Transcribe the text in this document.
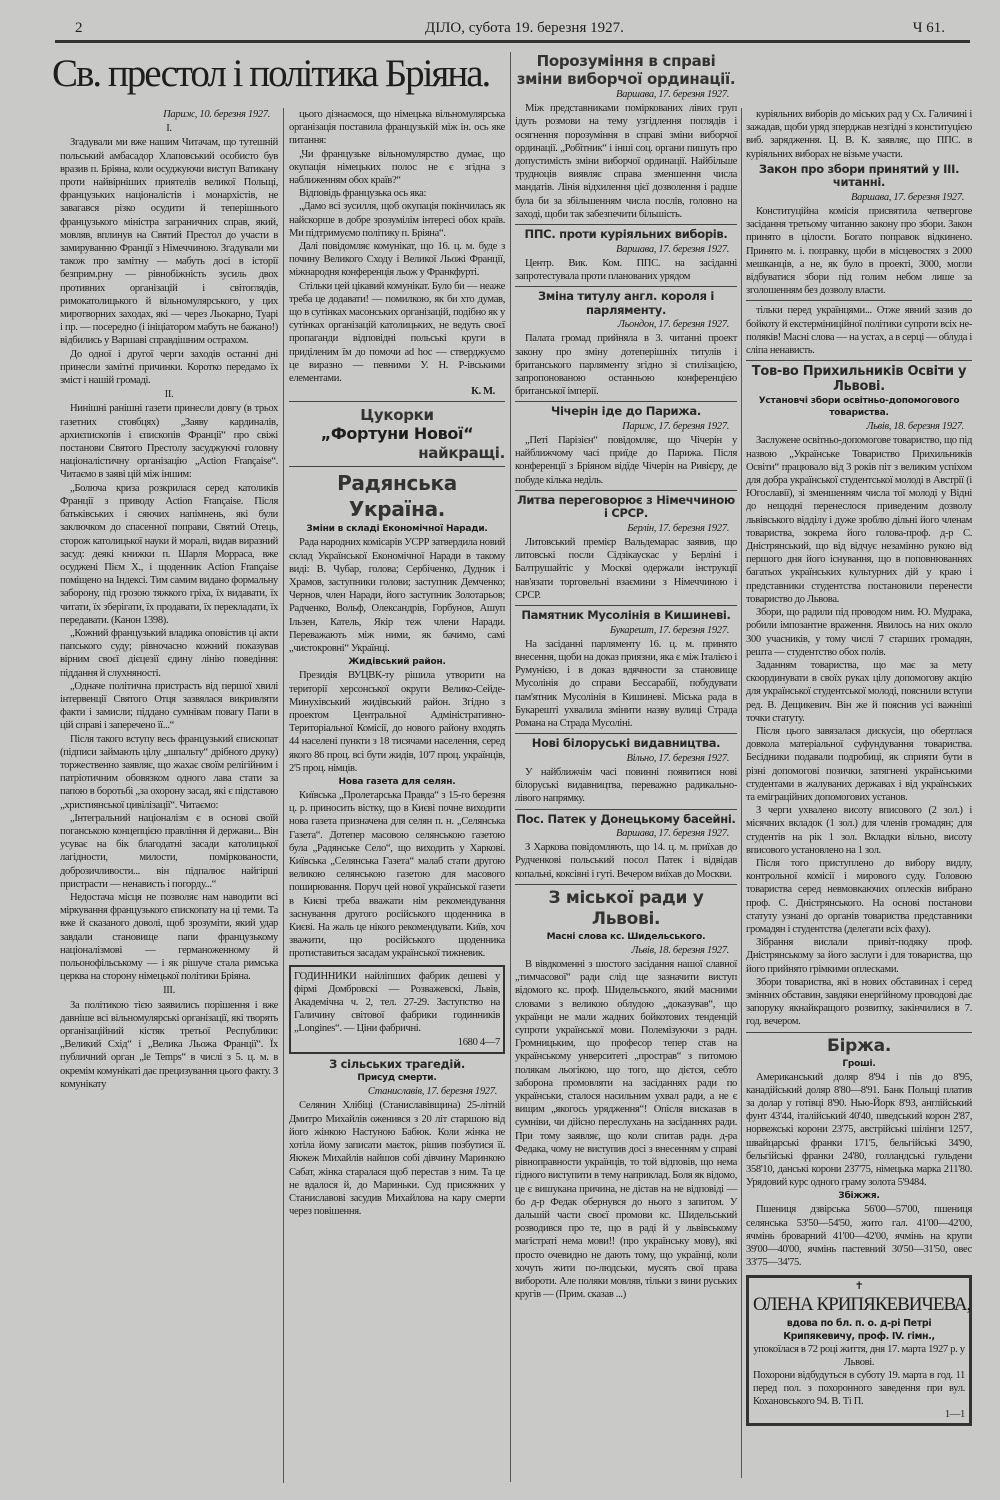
2	ДІЛО, субота 19. березня 1927.	Ч 61.
Св. престол і політика Бріяна.
Париж, 10. березня 1927.
I.

Згадували ми вже нашим Читачам, що тутешній польський амбасадор Хлаповський особисто був вразив п. Бріяна, коли осуджуючи виступ Ватикану проти найвірніших приятелів великої Польщі, французьких націоналістів і монархістів, не завагався різко осудити й теперішнього французького міністра заграничних справ, який, мовляв, вплинув на Святий Престол до участи в замируванню Франції з Німеччиною. Згадували ми також про замітну — мабуть досі в історії безприм.рну — рівнобіжність зусиль двох противних організацій і світоглядів, римокатолицького й вільномулярського, у цих миротворних заходах, які — через Льокарно, Туарі і пр. — посередно (і ініціатором мабуть не бажано!) відбились у Варшаві справдішним острахом.

До одної і другої черги заходів останні дні принесли замітні причинки. Коротко передамо їх зміст і нашій громаді.

II.

Нинішні ранішні газети принесли довгу (в трьох газетних стовбцях) „Заяву кардиналів, архиєпископів і єпископів Франції“ про свіжі постанови Святого Престолу засуджуючі головну націоналістичну організацію „Action Française“. Читаємо в заяві цій між іншим:

„Болюча криза розкрилася серед католиків Франції з приводу Action Française. Після батьківських і сяючих напімнень, які були заключком до спасенної поправи, Святий Отець, сторож католицької науки й моралі, видав виразний засуд: деякі книжки п. Шарля Морраса, вже осуджені Пієм X., і щоденник Action Française поміщено на Індексі. Тим самим видано формальну заборону, під грозою тяжкого гріха, їх видавати, їх читати, їх зберігати, їх продавати, їх перекладати, їх передавати. (Канон 1398).

„Кожний французький владика оповістив ці акти папського суду; рівночасно кожний показував вірним своєї дієцезії єдину лінію поведіння: піддання й слухняності.

„Одначе політична пристрасть від першої хвилі інтервенції Святого Отця зазвялася викривляти факти і замисли; піддано сумнівам повагу Папи в цій справі і заперечено її...“

Після такого вступу весь французький єпископат (підписи займають цілу „шпальту“ дрібного друку) торжественно заявляє, що жахає своїм релігійним і патріотичним обовязком одного лава стати за папою в боротьбі „за охорону засад, які є підставою „християнської цивілізації“. Читаємо:

„Інтегральний націоналізм є в основі своїй поганською концепцією правління й держави... Він усуває на бік благодатні засади католицької лагідности, милости, поміркованости, доброзичливости... він підпалює найгірші пристрасти — ненависть і погорду...“

Недостача місця не позволяє нам наводити всі міркування французького єпископату на ці теми. Та вже й сказаного доволі, щоб зрозуміти, який удар завдали становище папи французькому націоналізмові — германоженному й польонофільському — і як рішуче стала римська церква на сторону німецької політики Бріяна.

III.

За політикою тією заявились порішення і вже давніше всі вільномулярські організації, які творять організаційний кістяк третьої Республики: „Великий Схід“ і „Велика Льожа Франції“. Їх публичний орган „le Temps“ в числі з 5. ц. м. в окремім комунікаті дає прецизування цього факту. З комунікату

цього дізнаємося, що німецька вільномулярська організація поставила французькій між ін. ось яке питання:

„Чи французьке вільномулярство думає, що окупація німецьких полос не є згідна з наближенням обох країв?“

Відповідь французька ось яка:

„Дамо всі зусилля, щоб окупація покінчилась як найскорше в добре зрозумілім інтересі обох країв. Ми підтримуємо політику п. Бріяна“.

Далі повідомляє комунікат, що 16. ц. м. буде з почину Великого Сходу і Великої Льожі Франції, міжнародня конференція льож у Франкфурті.

Стільки цей цікавий комунікат. Було би — неаже треба це додавати! — помилкою, як би хто думав, що в сутінках масонських організацій, подібно як у сутінках організацій католицьких, не ведуть своєї пропаганди відповідні польські круги в приділеним їм до помочи ad hoc — стверджуємо це виразно — певними У. Н. Р-івськими елементами.

К. М.
Цукорки
„Фортуни Нової“
найкращі.
Радянська Україна.
Зміни в складі Економічної Наради.

Рада народних комісарів УСРР затвердила новий склад Української Економічної Наради в такому виді: В. Чубар, голова; Сербіченко, Дудник і Храмов, заступники голови; заступник Демченко; Чернов, член Наради, його заступник Золотарьов; Радченко, Вольф, Олександрів, Горбунов, Ашуп Ільзен, Катель, Якір теж члени Наради. Переважають між ними, як бачимо, самі „чистокровні“ Українці.

Жидівський район.

Президія ВУЦВК-ту рішила утворити на території херсонської округи Велико-Сейде-Минухівський жидівський район. Згідно з проектом Центральної Адміністративно-Територіальної Комісії, до нового району входять 44 населені пункти з 18 тисячами населення, серед якого 86 проц. всі бути жидів, 10'7 проц. українців, 2'5 проц. німців.

Нова газета для селян.

Київська „Пролетарська Правда“ з 15-го березня ц. р. приносить вістку, що в Києві почне виходити нова газета призначена для селян п. н. „Селянська Газета“. Дотепер масовою селянською газетою була „Радянське Село“, що виходить у Харкові. Київська „Селянська Газета“ малаб стати другою великою селянською газетою для масового поширювання. Поруч цей нової української газети в Києві треба вважати нім рекомендування заснування другого російського щоденника в Києві. На жаль це нікого рекомендувати. Київ, хоч зважити, що російського щоденника протиставиться засадам української тижневик.

ГОДИННИКИ найліпших фабрик дешеві у фірмі Домбровскі — Розважевскі, Львів, Академічна ч. 2, тел. 27-29. Заступство на Галичину світової фабрики годинників „Longines“. — Ціни фабричні.
1680 4—7
З сільських трагедій.
Присуд смерти.
Станиславів, 17. березня 1927.

Селянин Хлібіці (Станиславівщина) 25-літній Дмитро Михайлів оженився з 20 літ старшою від його жінкою Настуною Бабюк. Коли жінка не хотіла йому записати маєток, рішив позбутися її. Якжеж Михайлів найшов собі дівчину Маринкою Сабат, жінка старалася щоб перестав з ним. Та це не вдалося й, до Мариньки. Суд присяжних у Станиславові засудив Михайлова на кару смерти через повішення.

Порозуміння в справі зміни виборчої ординації.
Варшава, 17. березня 1927.

Між представниками поміркованих лівих груп ідуть розмови на тему узгідлення поглядів і осягнення порозуміння в справі зміни виборчої ординації. „Робітник“ і інші соц. органи пишуть про допустимість зміни виборчої ординації. Найбільше трудноців виявляє справа зменшення числа мандатів. Лінія відхилення цієї дозволення і радше була би за збільшенням числа послів, головно на заході, щоби так забезпечити більшість.

ППС. проти куріяльних виборів.
Варшава, 17. березня 1927.

Центр. Вик. Ком. ППС. на засіданні запротестувала проти планованих урядом

Зміна титулу англ. короля і парляменту.
Льондон, 17. березня 1927.

Палата громад прийняла в 3. читанні проект закону про зміну дотеперішніх титулів і британського парляменту згідно зі стилізацією, запропонованою останньою конференцією британської імперії.

Чічерін іде до Парижа.
Париж, 17. березня 1927.

„Петі Парізієн“ повідомляє, що Чічерін у найближчому часі приїде до Парижа. Після конференції з Бріяном відїде Чічерін на Ривієру, де побуде кілька неділь.

Литва переговорює з Німеччиною і СРСР.
Берлін, 17. березня 1927.

Литовський премієр Вальдемарас заявив, що литовські посли Сідзікаускас у Берліні і Балтрушайтіс у Москві одержали інструкції нав'язати торговельні взаємини з Німеччиною і СРСР.

Памятник Мусолінія в Кишиневі.
Букарешт, 17. березня 1927.

На засіданні парляменту 16. ц. м. принято внесення, щоби на доказ приязни, яка є між Італією і Румунією, і в доказ вдячности за становище Мусолінія до справи Бессарабії, побудувати пам'ятник Мусолінія в Кишиневі. Міська рада в Букарешті ухвалила змінити назву вулиці Страда Романа на Страда Мусоліні.

Нові білоруські видавництва.
Вільно, 17. березня 1927.

У найближчім часі повинні появитися нові білоруські видавництва, переважно радикально-лівого напрямку.

Пос. Патек у Донецькому басейні.
Варшава, 17. березня 1927.

З Харкова повідомляють, що 14. ц. м. приїхав до Рудченкові польський посол Патек і відвідав копальні, коксівні і гуті. Вечером виїхав до Москви.

З міської ради у Львові.
Масні слова кс. Шидельського.
Львів, 18. березня 1927.

В вівдкоменні з шостого засідання нашої славної „тимчасової“ ради слід ще зазначити виступ відомого кс. проф. Шидельського, який масними словами з великою облудою „доказував“, що українци не мали жадних бойкотових тенденцій супроти української мови. Полемізуючи з радн. Громницьким, що професор тепер став на українському унверситеті „прострав“ з питомою полякам льогікою, що того, що дієтся, себто заборона промовляти на засіданнях ради по українськи, сталося насильним ухвал ради, а не є вищим „якогось урядження“! Опісля висказав в сумніви, чи дійсно переслухань на засіданнях ради. При тому заявляє, що коли спитав радн. д-ра Федака, чому не виступив досі з внесенням у справі рівноправности українців, то той відповів, що нема гідного виступити в тему наприклад. Боля як відомо, це є вишукана причина, не дістав на не відповіді — бо д-р Федак обернувся до нього з запитом. У дальшій части своєї промови кс. Шидельський розводився про те, що в раді й у львівському магістраті нема мови!! (про українську мову), які просто очевидно не дають тому, що українці, коли хочуть жити по-людськи, мусять свої права вибороти. Але поляки мовляв, тільки з вини руських кругів — (Прим. сказав ...)

куріяльних виборів до міських рад у Сх. Галичині і зажадав, щоби уряд зперджав незгідні з конституцією виб. зарядження. Ц. В. К. заявляє, що ППС. в куріяльних виборах не візьме участи.

Закон про збори принятий у III. читанні.
Варшава, 17. березня 1927.

Конституційна комісія присвятила четвергове засідання третьому читанню закону про збори. Закон принято в цілости. Богато поправок відкинено. Принято м. і. поправку, щоби в місцевостях з 2000 мешканців, а не, як було в проекті, 3000, могли відбуватися збори під голим небом лише за зголошенням без дозволу власти.

тільки перед українцями... Отже явний зазив до бойкоту й екстерміниційної політики супроти всіх не-поляків! Масні слова — на устах, а в серці — облуда і сліпа ненависть.

Тов-во Прихильників Освіти у Львові.
Установчі збори освітньо-допомогового товариства.
Львів, 18. березня 1927.

Заслужене освітньо-допомогове товариство, що під назвою „Українське Товариство Прихильників Освіти“ працювало від 3 років піт з великим успіхом для добра української студентської молоді в Австрії (і Югославії), зі зменшенням числа тої молоді у Відні до нещодні перенеслося приведеним дозволу львівського відділу і дуже зроблю дільні його членам товариства, зокрема його голова-проф. д-р С. Дністрянський, що від відчує незамінно рукою від першого дня його існування, що в поповнюваннях багатьох українських культурних дій у краю і представники студентства постановили перенести товариство до Львова.

Збори, що радили під проводом ним. Ю. Мудрака, робили імпозантне враження. Явилось на них около 300 учасників, у тому числі 7 старших громадян, решта — студентство обох полів.

Заданням товариства, що має за мету скоординувати в своїх руках цілу допомогову акцію для української студентської молоді, пояснили вступи ред. В. Дещикевич. Він же й пояснив усі важніші точки статуту.

Після цього завязалася дискусія, що обертлася довкола матеріальної суфундування товариства. Бесідники подавали подробиці, як сприяти бути в різні допомогові позички, затягнені українськими студентами в жалуваних державах і від українських та еміграційних допомогових установ.

З черги ухвалено висоту вписового (2 зол.) і місячних вкладок (1 зол.) для членів громадян; для студентів на рік 1 зол. Вкладки вільно, висоту вписового установлено на 1 зол.

Після того приступлено до вибору видлу, контрольної комісії і мирового суду. Головою товариства серед невмовкаючих оплесків вибрано проф. С. Дністрянського. На основі постанови статуту узнані до органів товариства представники громадян і студентства (делегати всіх фаху).

Зібрання вислали привіт-подяку проф. Дністрянському за його заслуги і для товариства, що його прийнято грімкими оплесками.

Збори товариства, які в нових обставинах і серед змінних обставин, завдяки енергійному проводові дає запоруку якнайкращого розвитку, закінчилися в 7. год. вечером.

Біржа.
Гроші.

Американський доляр 8'94 і пів до 8'95, канадійський доляр 8'80—8'91. Банк Польщі платив за долар у готівці 8'90. Нью-Йорк 8'93, англійський фунт 43'44, італійський 40'40, шведський корон 2'87, норвежські корони 23'75, австрійські шілінги 125'7, швайцарські франки 171'5, бельгійські 34'90, бельгійські франки 24'80, голландські гульдени 358'10, данські корони 237'75, німецька марка 211'80. Урядовий курс одного граму золота 5'9484.

Збіжжя.

Пшениця дзвірська 56'00—57'00, пшениця селянська 53'50—54'50, жито гал. 41'00—42'00, ячмінь броварний 41'00—42'00, ячмінь на крупи 39'00—40'00, ячмінь пастевний 30'50—31'50, овес 33'75—34'75.

✝
ОЛЕНА КРИПЯКЕВИЧЕВА,
вдова по бл. п. о. д-рі Петрі Крипякевичу, проф. IV. гімн.,
упокоїлася в 72 році життя, дня 17. марта 1927 р. у Львові.
Похорони відбудуться в суботу 19. марта в год. 11 перед пол. з похоронного заведення при вул. Кохановського 94. В. Ті П.
1—1
